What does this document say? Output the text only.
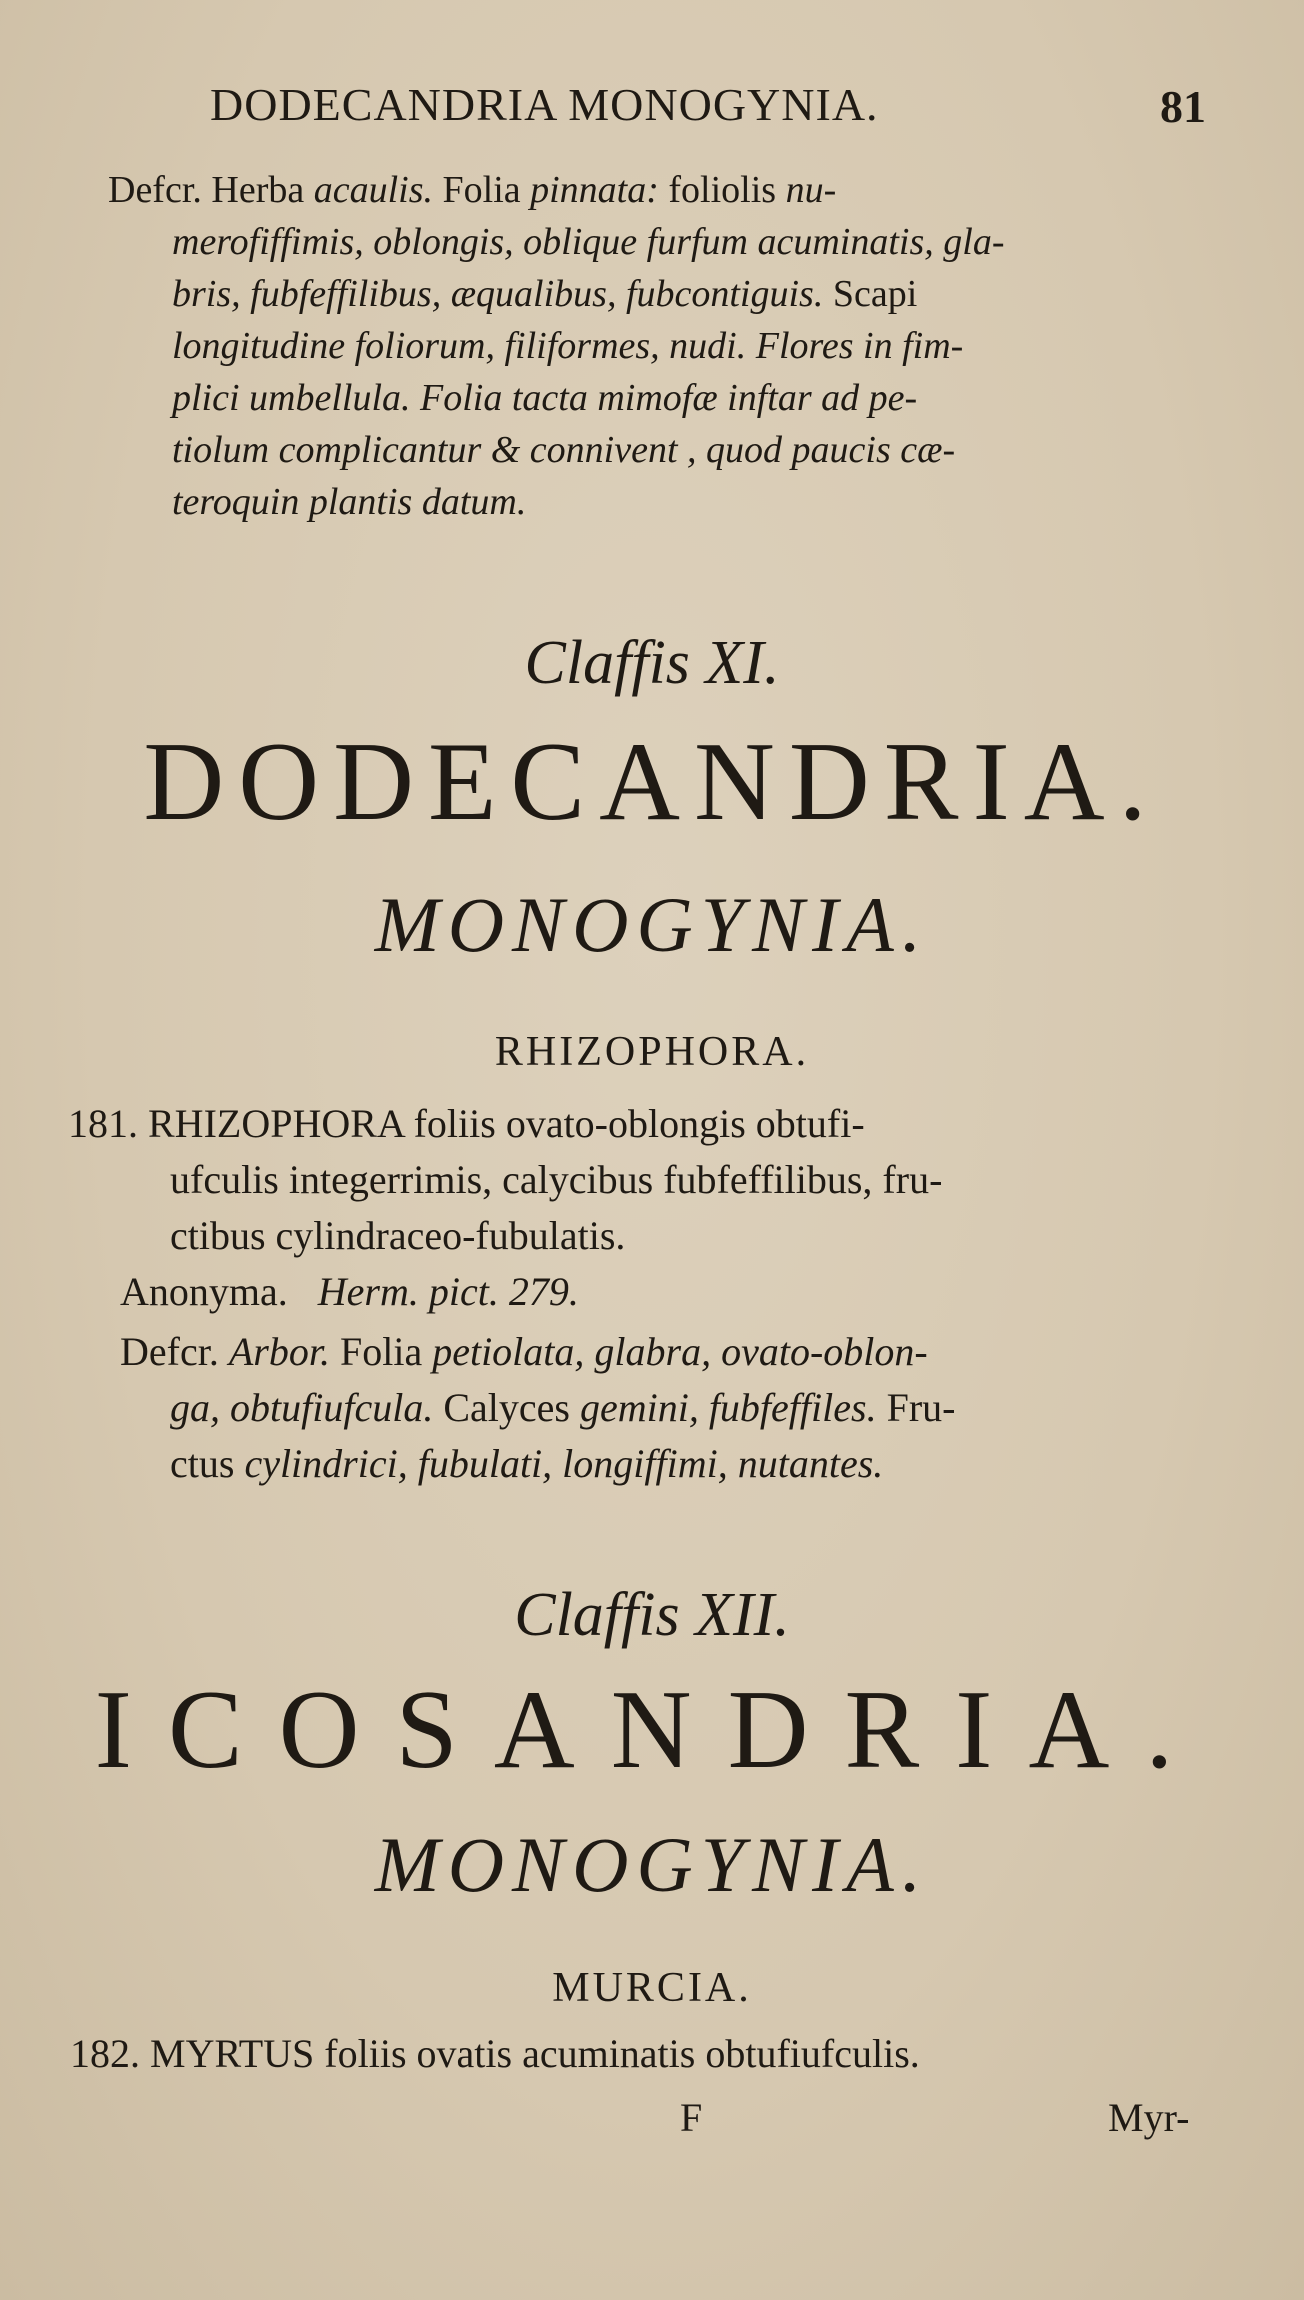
DODECANDRIA MONOGYNIA.	81
Defcr. Herba acaulis. Folia pinnata: foliolis nu-
merofiffimis, oblongis, oblique furfum acuminatis, gla-
bris, fubfeffilibus, æqualibus, fubcontiguis. Scapi
longitudine foliorum, filiformes, nudi. Flores in fim-
plici umbellula. Folia tacta mimofæ inftar ad pe-
tiolum complicantur & connivent , quod paucis cæ-
teroquin plantis datum.
Claffis XI.
DODECANDRIA.
MONOGYNIA.
RHIZOPHORA.
181. RHIZOPHORA foliis ovato-oblongis obtufi-
ufculis integerrimis, calycibus fubfeffilibus, fru-
ctibus cylindraceo-fubulatis.
Anonyma. Herm. pict. 279.
Defcr. Arbor. Folia petiolata, glabra, ovato-oblon-
ga, obtufiufcula. Calyces gemini, fubfeffiles. Fru-
ctus cylindrici, fubulati, longiffimi, nutantes.
Claffis XII.
ICOSANDRIA.
MONOGYNIA.
MURCIA.
182. MYRTUS foliis ovatis acuminatis obtufiufculis.
F	Myr-
